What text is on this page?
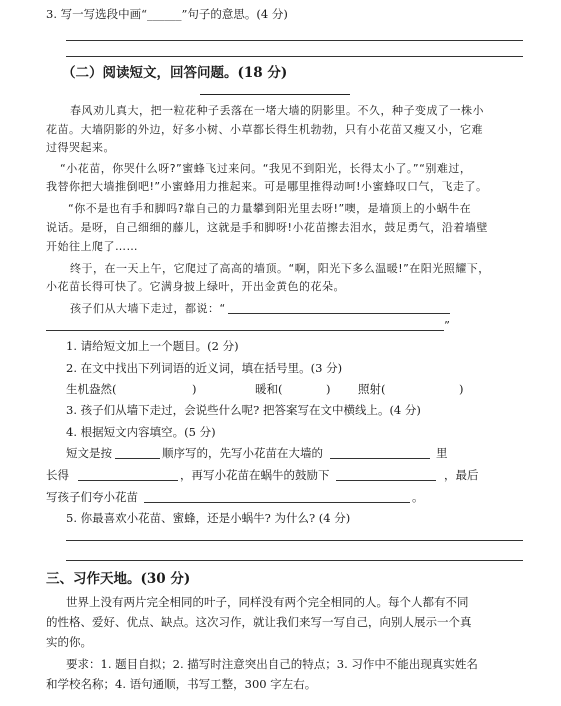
3. 写一写选段中画“______”句子的意思。(4 分)
（二）阅读短文，回答问题。(18 分)
春风劝儿真大，把一粒花种子丢落在一堵大墙的阴影里。不久，种子变成了一株小
花苗。大墙阴影的外边，好多小树、小草都长得生机勃勃，只有小花苗又瘦又小，它难
过得哭起来。
“小花苗，你哭什么呀?”蜜蜂飞过来问。“我见不到阳光，长得太小了。”“别难过，
我替你把大墙推倒吧!”小蜜蜂用力推起来。可是哪里推得动呵!小蜜蜂叹口气，飞走了。
“你不是也有手和脚吗?靠自己的力量攀到阳光里去呀!”噢，是墙顶上的小蜗牛在
说话。是呀，自己细细的藤儿，这就是手和脚呀!小花苗擦去泪水，鼓足勇气，沿着墙壁
开始往上爬了……
终于，在一天上午，它爬过了高高的墙顶。“啊，阳光下多么温暖!”在阳光照耀下，
小花苗长得可快了。它满身披上绿叶，开出金黄色的花朵。
孩子们从大墙下走过，都说：“
”
1. 请给短文加上一个题目。(2 分)
2. 在文中找出下列词语的近义词，填在括号里。(3 分)
生机盎然(	)	暖和(	) 照射(	)
3. 孩子们从墙下走过，会说些什么呢? 把答案写在文中横线上。(4 分)
4. 根据短文内容填空。(5 分)
短文是按	顺序写的，先写小花苗在大墙的	里
长得	，再写小花苗在蜗牛的鼓励下	，最后
写孩子们夸小花苗	。
5. 你最喜欢小花苗、蜜蜂，还是小蜗牛? 为什么? (4 分)
三、习作天地。(30 分)
世界上没有两片完全相同的叶子，同样没有两个完全相同的人。每个人都有不同
的性格、爱好、优点、缺点。这次习作，就让我们来写一写自己，向别人展示一个真
实的你。
要求：1. 题目自拟；2. 描写时注意突出自己的特点；3. 习作中不能出现真实姓名
和学校名称；4. 语句通顺，书写工整，300 字左右。
